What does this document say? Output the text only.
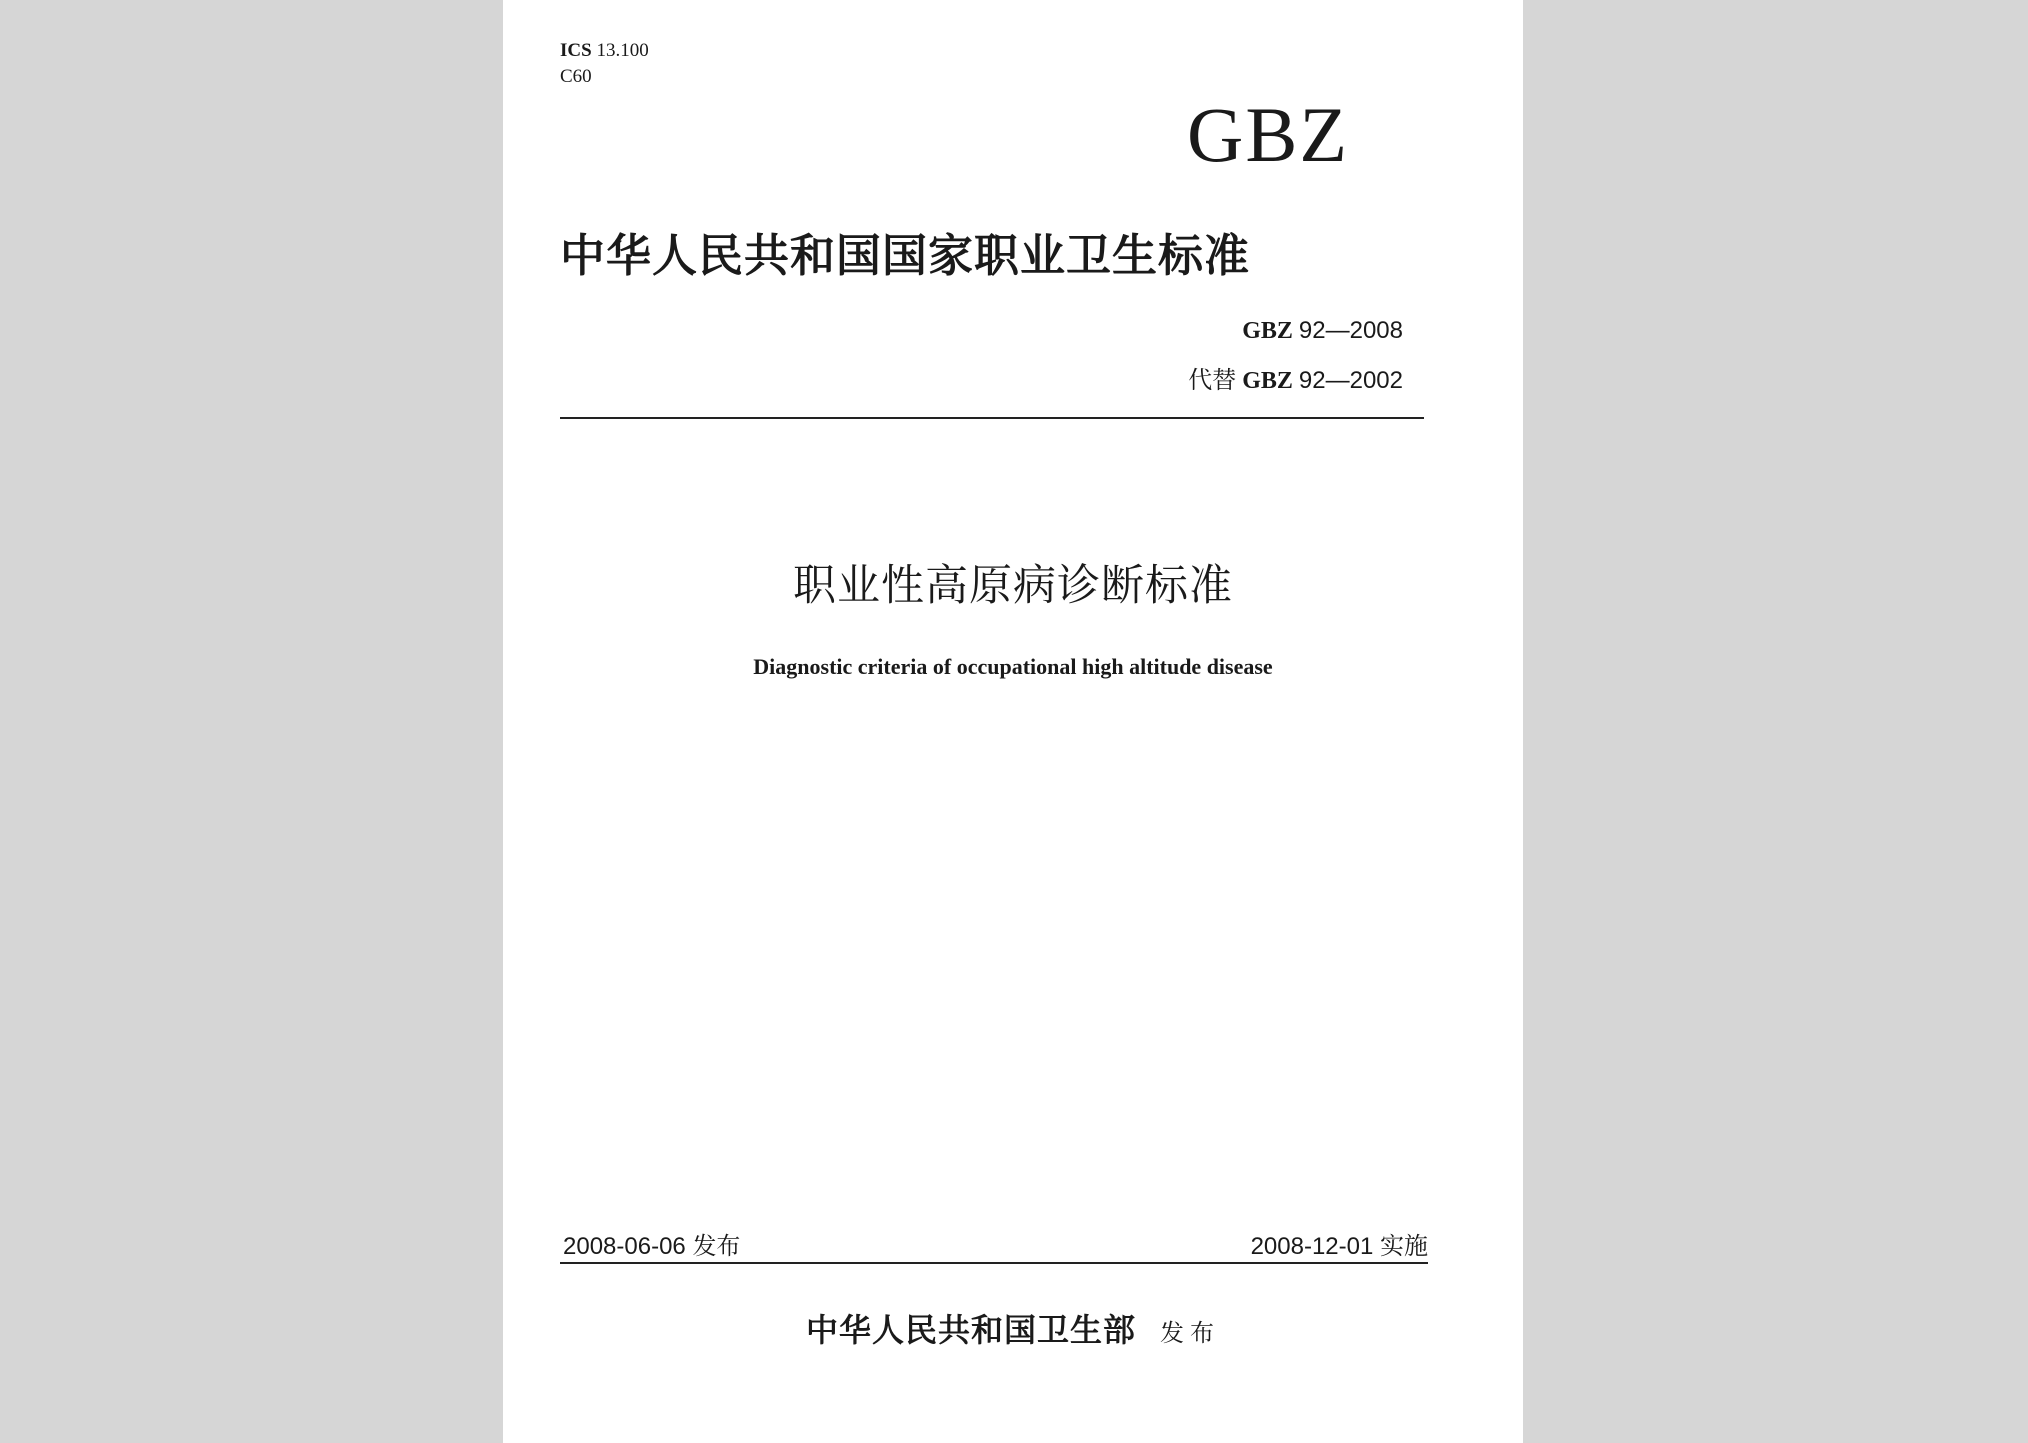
ICS 13.100
C60
GBZ
中华人民共和国国家职业卫生标准
GBZ 92—2008
代替 GBZ 92—2002
职业性高原病诊断标准
Diagnostic criteria of occupational high altitude disease
2008-06-06 发布	2008-12-01 实施
中华人民共和国卫生部 发布
